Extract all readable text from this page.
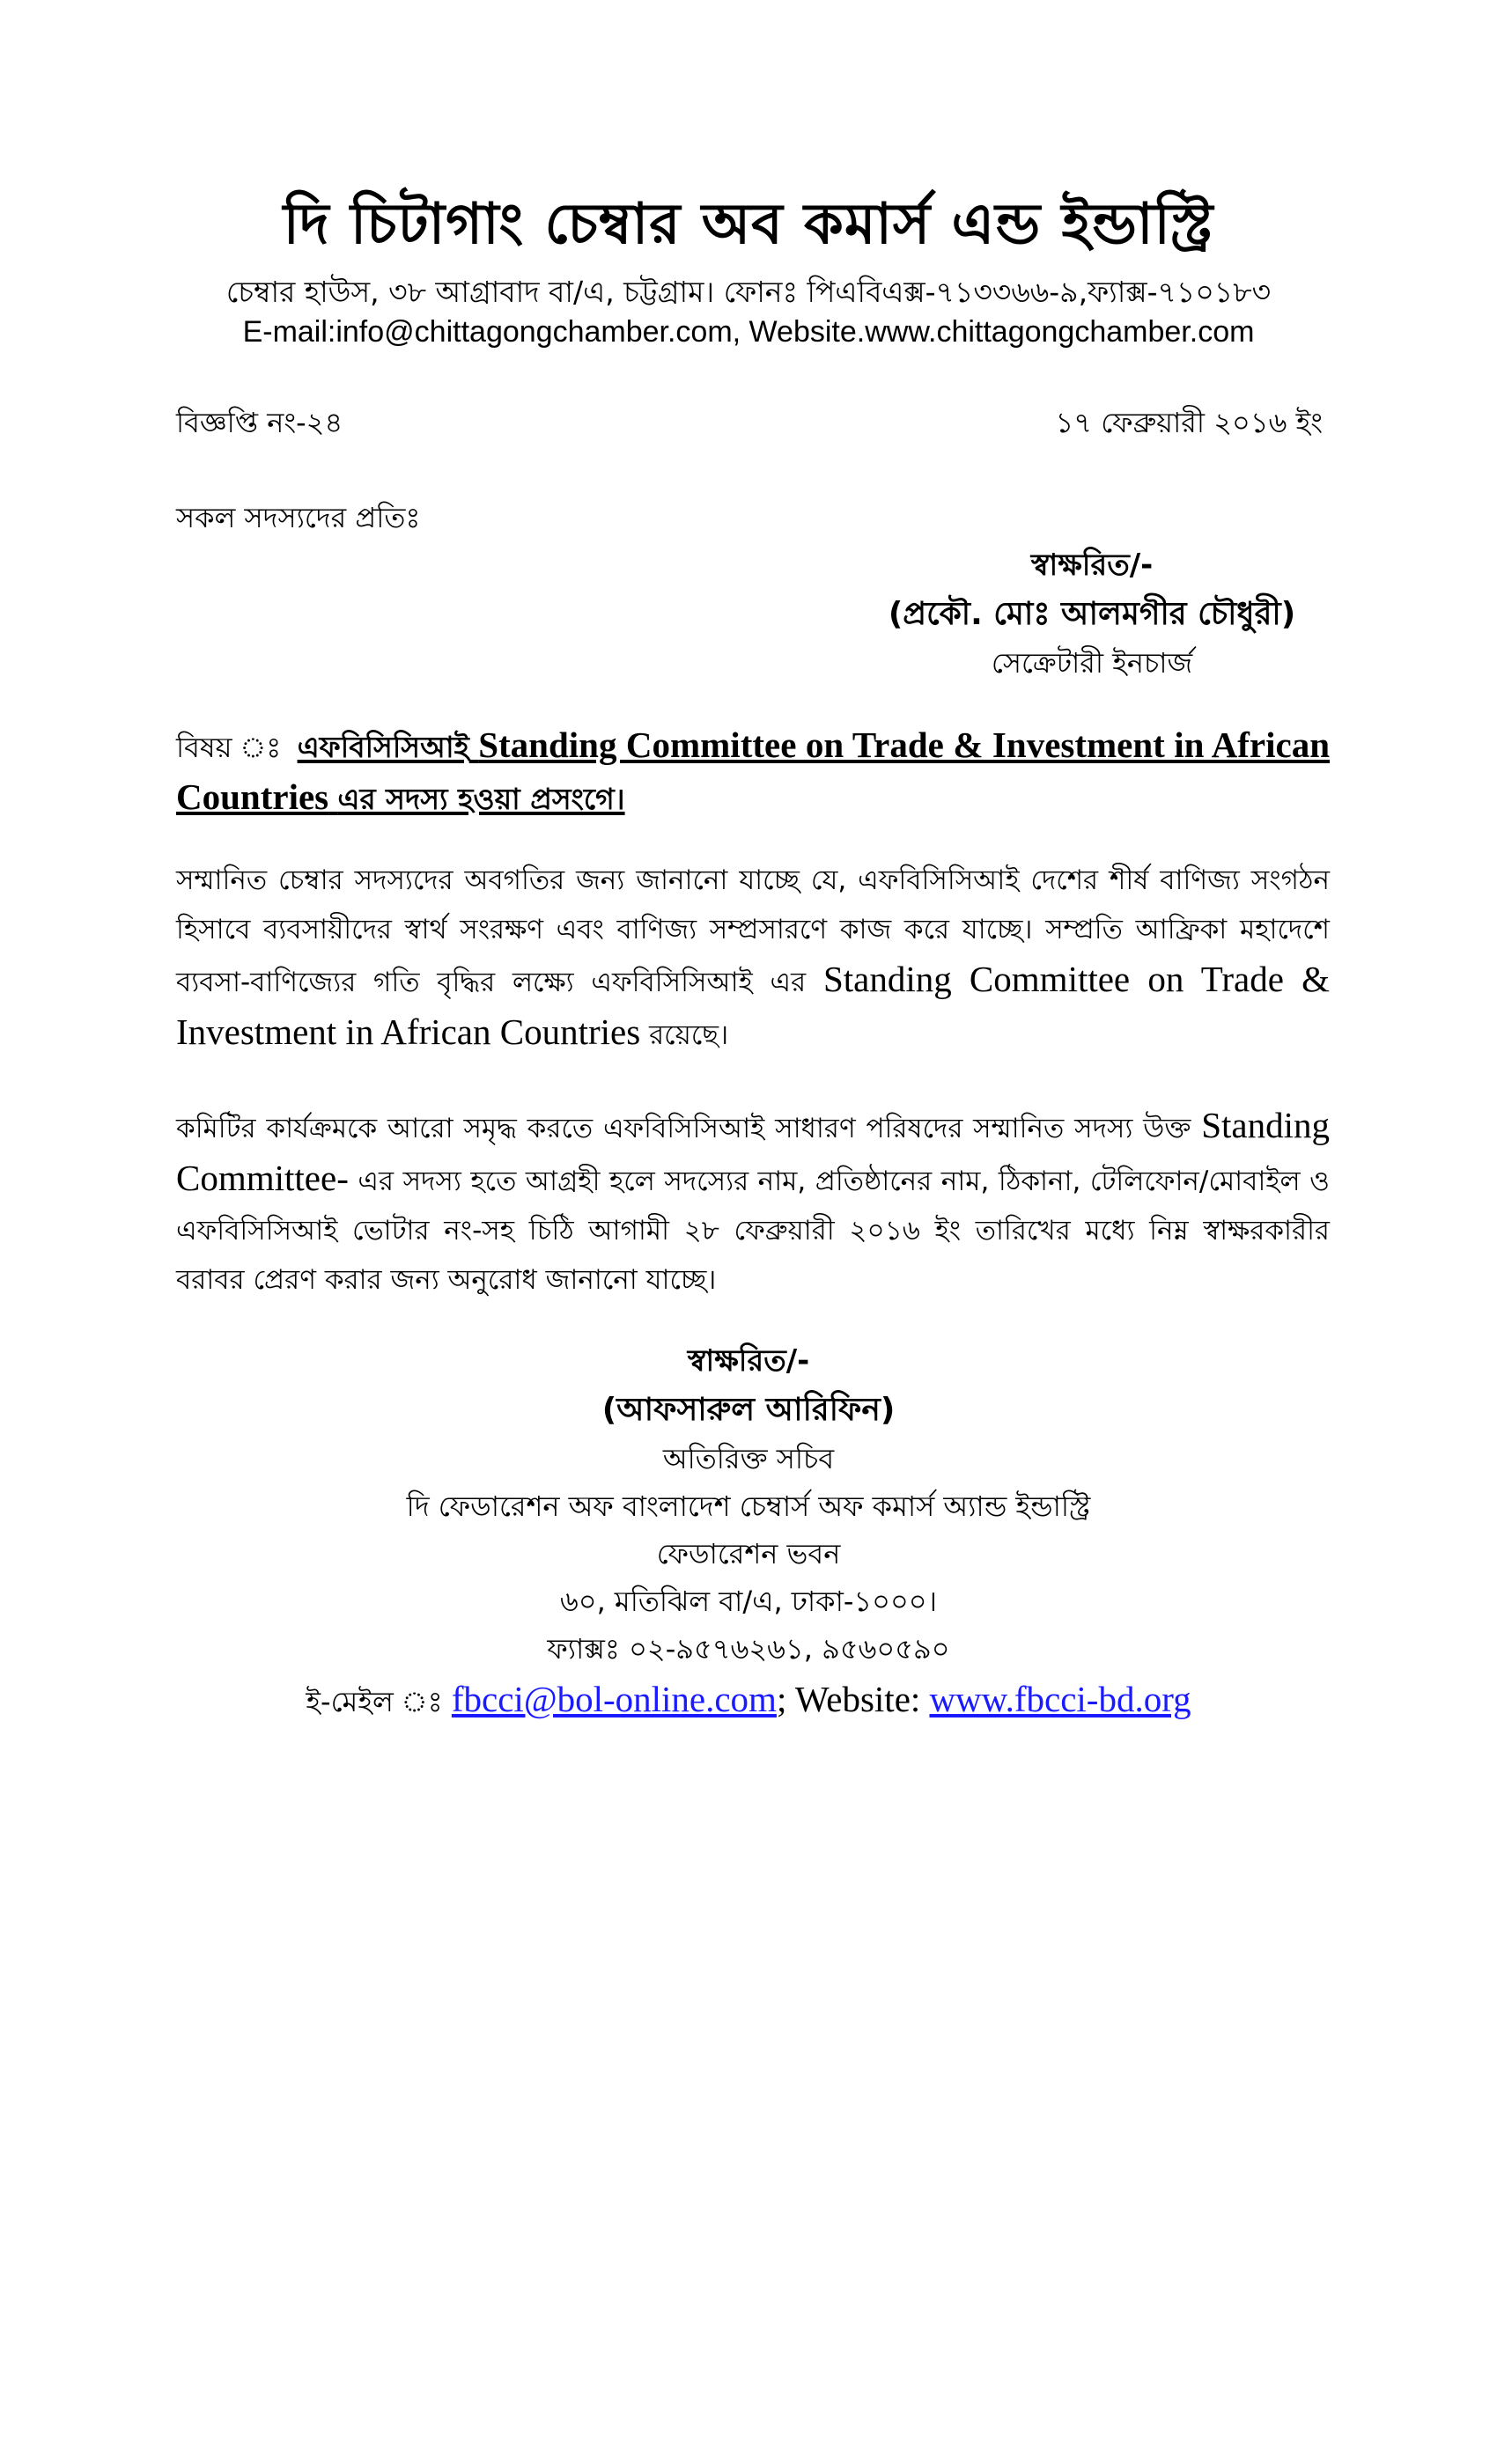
দি চিটাগাং চেম্বার অব কমার্স এন্ড ইন্ডাস্ট্রি
চেম্বার হাউস, ৩৮ আগ্রাবাদ বা/এ, চট্টগ্রাম। ফোনঃ পিএবিএক্স-৭১৩৩৬৬-৯,ফ্যাক্স-৭১০১৮৩
E-mail:info@chittagongchamber.com, Website.www.chittagongchamber.com
বিজ্ঞপ্তি নং-২৪	১৭ ফেব্রুয়ারী ২০১৬ ইং
সকল সদস্যদের প্রতিঃ
স্বাক্ষরিত/-
(প্রকৌ. মোঃ আলমগীর চৌধুরী)
সেক্রেটারী ইনচার্জ
বিষয় ঃ এফবিসিসিআই Standing Committee on Trade & Investment in African Countries এর সদস্য হওয়া প্রসংগে।
সম্মানিত চেম্বার সদস্যদের অবগতির জন্য জানানো যাচ্ছে যে, এফবিসিসিআই দেশের শীর্ষ বাণিজ্য সংগঠন হিসাবে ব্যবসায়ীদের স্বার্থ সংরক্ষণ এবং বাণিজ্য সম্প্রসারণে কাজ করে যাচ্ছে। সম্প্রতি আফ্রিকা মহাদেশে ব্যবসা-বাণিজ্যের গতি বৃদ্ধির লক্ষ্যে এফবিসিসিআই এর Standing Committee on Trade & Investment in African Countries রয়েছে।
কমিটির কার্যক্রমকে আরো সমৃদ্ধ করতে এফবিসিসিআই সাধারণ পরিষদের সম্মানিত সদস্য উক্ত Standing Committee- এর সদস্য হতে আগ্রহী হলে সদস্যের নাম, প্রতিষ্ঠানের নাম, ঠিকানা, টেলিফোন/মোবাইল ও এফবিসিসিআই ভোটার নং-সহ চিঠি আগামী ২৮ ফেব্রুয়ারী ২০১৬ ইং তারিখের মধ্যে নিম্ন স্বাক্ষরকারীর বরাবর প্রেরণ করার জন্য অনুরোধ জানানো যাচ্ছে।
স্বাক্ষরিত/-
(আফসারুল আরিফিন)
অতিরিক্ত সচিব
দি ফেডারেশন অফ বাংলাদেশ চেম্বার্স অফ কমার্স অ্যান্ড ইন্ডাস্ট্রি
ফেডারেশন ভবন
৬০, মতিঝিল বা/এ, ঢাকা-১০০০।
ফ্যাক্সঃ ০২-৯৫৭৬২৬১, ৯৫৬০৫৯০
ই-মেইল ঃ fbcci@bol-online.com; Website: www.fbcci-bd.org
